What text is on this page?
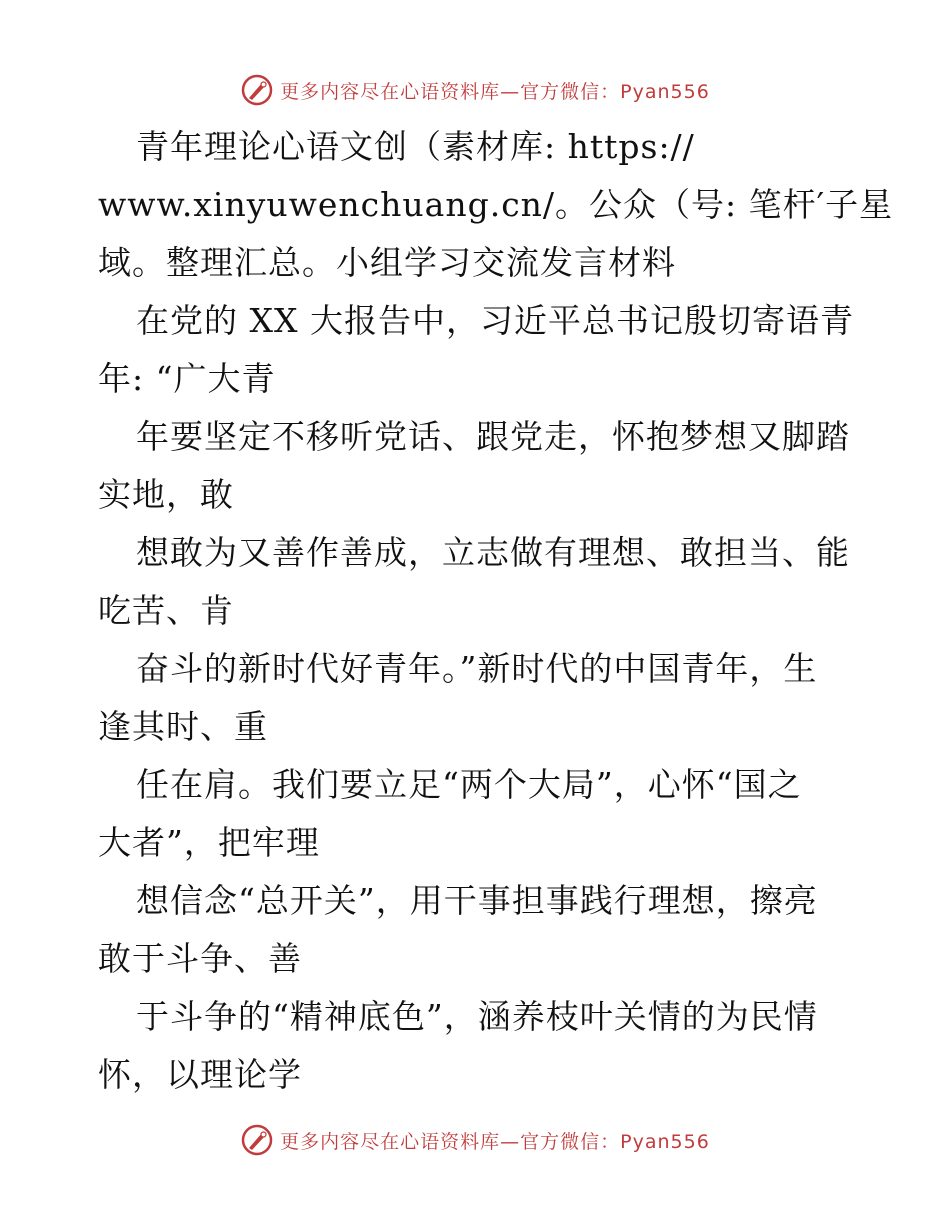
更多内容尽在心语资料库—官方微信：Pyan556
青年理论心语文创（素材库: https://
www.xinyuwenchuang.cn/。公众（号: 笔杆′子星
域。整理汇总。小组学习交流发言材料
在党的 XX 大报告中，习近平总书记殷切寄语青
年: “广大青
年要坚定不移听党话、跟党走，怀抱梦想又脚踏
实地，敢
想敢为又善作善成，立志做有理想、敢担当、能
吃苦、肯
奋斗的新时代好青年。”新时代的中国青年，生
逢其时、重
任在肩。我们要立足“两个大局”，心怀“国之
大者”，把牢理
想信念“总开关”，用干事担事践行理想，擦亮
敢于斗争、善
于斗争的“精神底色”，涵养枝叶关情的为民情
怀，以理论学
更多内容尽在心语资料库—官方微信：Pyan556
